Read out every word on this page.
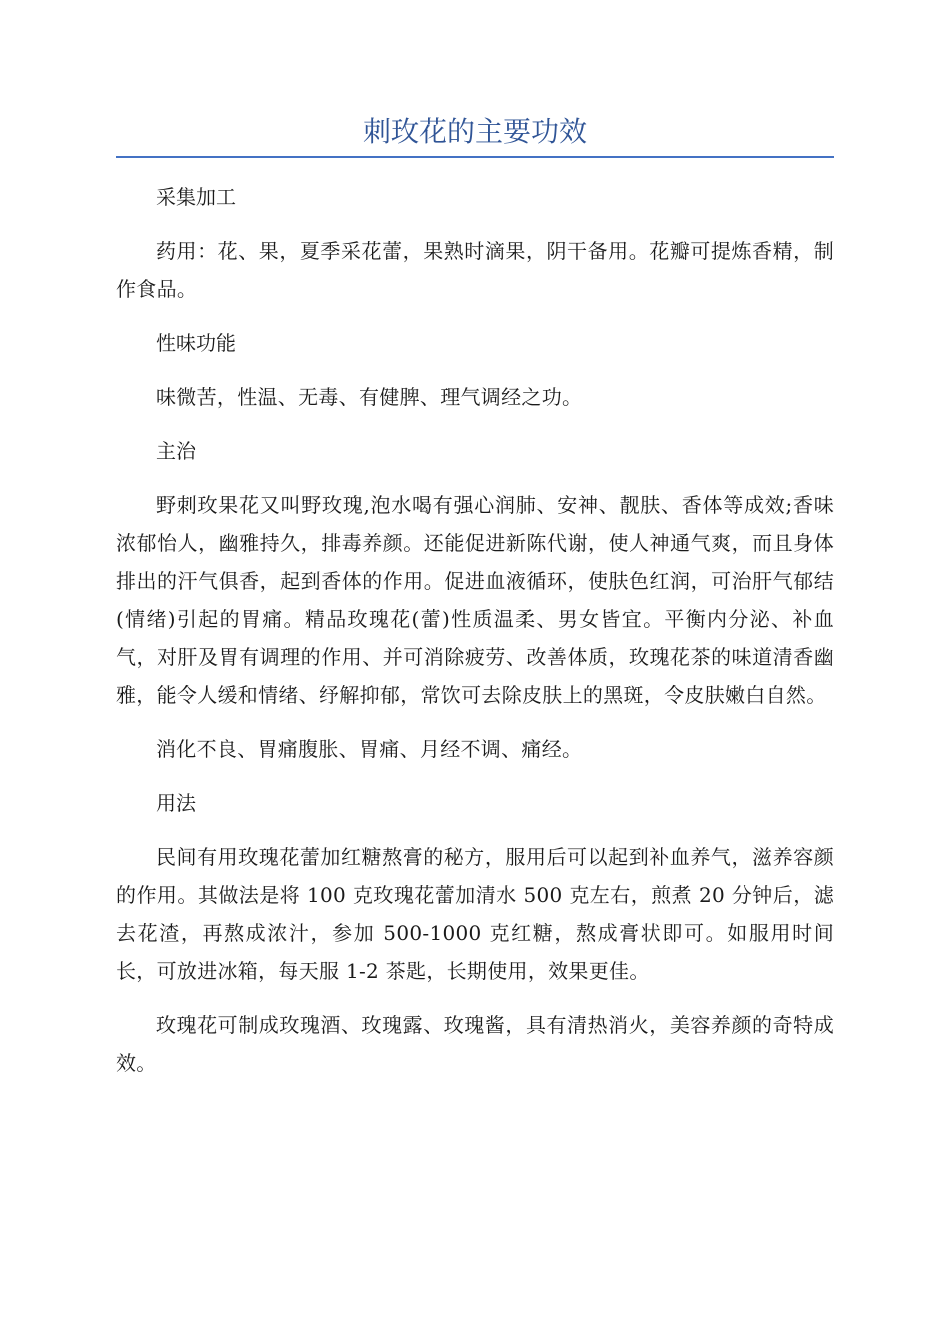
刺玫花的主要功效

采集加工

药用：花、果，夏季采花蕾，果熟时滴果，阴干备用。花瓣可提炼香精，制作食品。

性味功能

味微苦，性温、无毒、有健脾、理气调经之功。

主治

野刺玫果花又叫野玫瑰,泡水喝有强心润肺、安神、靓肤、香体等成效;香味浓郁怡人，幽雅持久，排毒养颜。还能促进新陈代谢，使人神通气爽，而且身体排出的汗气俱香，起到香体的作用。促进血液循环，使肤色红润，可治肝气郁结(情绪)引起的胃痛。精品玫瑰花(蕾)性质温柔、男女皆宜。平衡内分泌、补血气，对肝及胃有调理的作用、并可消除疲劳、改善体质，玫瑰花茶的味道清香幽雅，能令人缓和情绪、纾解抑郁，常饮可去除皮肤上的黑斑，令皮肤嫩白自然。

消化不良、胃痛腹胀、胃痛、月经不调、痛经。

用法

民间有用玫瑰花蕾加红糖熬膏的秘方，服用后可以起到补血养气，滋养容颜的作用。其做法是将 100 克玫瑰花蕾加清水 500 克左右，煎煮 20 分钟后，滤去花渣，再熬成浓汁，参加 500-1000 克红糖，熬成膏状即可。如服用时间长，可放进冰箱，每天服 1-2 茶匙，长期使用，效果更佳。

玫瑰花可制成玫瑰酒、玫瑰露、玫瑰酱，具有清热消火，美容养颜的奇特成效。
